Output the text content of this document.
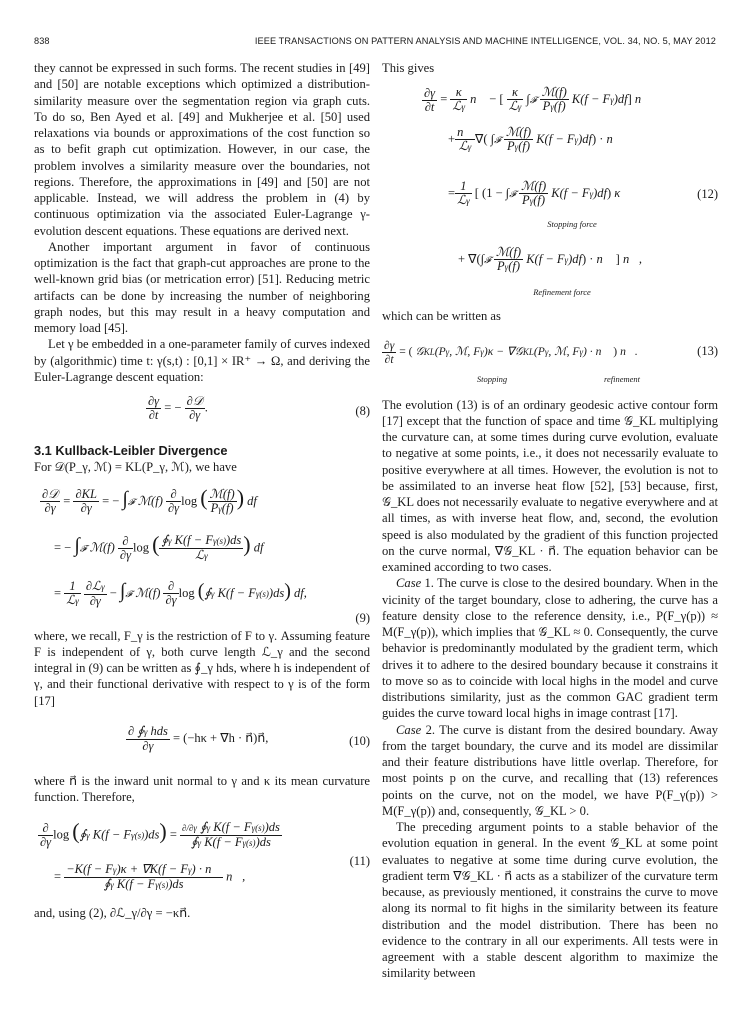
838	IEEE TRANSACTIONS ON PATTERN ANALYSIS AND MACHINE INTELLIGENCE, VOL. 34, NO. 5, MAY 2012

they cannot be expressed in such forms. The recent studies in [49] and [50] are notable exceptions which optimized a distribution-similarity measure over the segmentation region via graph cuts. To do so, Ben Ayed et al. [49] and Mukherjee et al. [50] used relaxations via bounds or approximations of the cost function so as to befit graph cut optimization. However, in our case, the problem involves a similarity measure over the boundaries, not regions. Therefore, the approximations in [49] and [50] are not applicable. Instead, we will address the problem in (4) by continuous optimization via the associated Euler-Lagrange γ-evolution descent equations. These equations are derived next.

Another important argument in favor of continuous optimization is the fact that graph-cut approaches are prone to the well-known grid bias (or metrication error) [51]. Reducing metric artifacts can be done by increasing the number of neighboring graph nodes, but this may result in a heavy computation and memory load [45].

Let γ be embedded in a one-parameter family of curves indexed by (algorithmic) time t: γ(s,t) : [0,1] × IR⁺ → Ω, and deriving the Euler-Lagrange descent equation:

$\frac{\partial\gamma}{\partial t}$ = − $\frac{\text{∂𝒟}}{\partial\gamma}$ .	(8)
3.1 Kullback-Leibler Divergence

For 𝒟(P_γ, ℳ) = KL(P_γ, ℳ), we have

$\frac{\text{∂𝒟}}{\partial\gamma} = \frac{\partial KL}{\partial\gamma}$ = − ∫𝓕 ℳ(f) $\frac{\partial}{\partial\gamma}$ log ( $\frac{\text{ℳ(f)}}{P\gamma(f)}$ ) df
= − ∫𝓕 ℳ(f) $\frac{\partial}{\partial\gamma}$ log ( $\frac{\text{∮γ K(f − Fγ(s))ds}}{\text{ℒγ}}$ ) df
= $\frac{1}{\text{ℒγ}}$
$\frac{\text{∂ℒγ}}{\partial\gamma}$ − ∫𝓕 ℳ(f) $\frac{\partial}{\partial\gamma}$ log (∮γ K(f − Fγ(s))ds) df,
(9)

where, we recall, F_γ is the restriction of F to γ. Assuming feature F is independent of γ, both curve length ℒ_γ and the second integral in (9) can be written as ∮_γ hds, where h is independent of γ, and their functional derivative with respect to γ is of the form [17]

$\frac{\text{∂ ∮γ hds}}{\partial\gamma} = (-h\kappa + \nabla h$ · n⃗)n⃗,	(10)

where n⃗ is the inward unit normal to γ and κ its mean curvature function. Therefore,

$\frac{\partial}{\partial\gamma}$ log (∮γ $K(f - F\gamma(s))ds) = \frac{\text{∂/∂γ ∮γ K(f − Fγ(s))ds}}{\text{∮γ K(f − Fγ(s))ds}}$
= $\frac{-K(f - F\gamma)\kappa + \nabla K(f - F\gamma) \cdot n⃗}{\text{∮γ K(f − Fγ(s))ds}}$ n⃗,
(11)

and, using (2), ∂ℒ_γ/∂γ = −κn⃗.

This gives

$\frac{\partial\gamma}{\partial t} = \frac{\kappa}{\text{ℒγ}}$ n⃗ − [ $\frac{\kappa}{\text{ℒγ}}$ ∫𝓕 $\frac{\text{ℳ(f)}}{P\gamma(f)} K(f - F\gamma)df$] n⃗
+ $\frac{n⃗}{\text{ℒγ}}$ ∇( ∫𝓕 $\frac{\text{ℳ(f)}}{P\gamma(f)} K(f - F\gamma)df$) · n⃗
= $\frac{1}{\text{ℒγ}}$ [ (1 − ∫𝓕 $\frac{\text{ℳ(f)}}{P\gamma(f)} K(f - F\gamma)df$) κ
Stopping force
+ ∇(∫𝓕 $\frac{\text{ℳ(f)}}{P\gamma(f)} K(f - F\gamma)df$) · n⃗ ] n⃗,
Refinement force
(12)

which can be written as

$\frac{\partial\gamma}{\partial t}$ = ( 𝒢KL(Pγ, ℳ, Fγ)κ − ∇𝒢KL(Pγ, ℳ, Fγ) · n⃗ ) n⃗.
Stopping	refinement
(13)

The evolution (13) is of an ordinary geodesic active contour form [17] except that the function of space and time 𝒢_KL multiplying the curvature can, at some times during curve evolution, evaluate to negative at some points, i.e., it does not necessarily evaluate to positive everywhere at all times. However, the evolution is not to be assimilated to an inverse heat flow [52], [53] because, first, 𝒢_KL does not necessarily evaluate to negative everywhere and at all times, as with inverse heat flow, and, second, the evolution speed is also modulated by the gradient of this function projected on the curve normal, ∇𝒢_KL · n⃗. The equation behavior can be examined according to two cases.

Case 1. The curve is close to the desired boundary. When in the vicinity of the target boundary, close to adhering, the curve has a feature density close to the reference density, i.e., P(F_γ(p)) ≈ M(F_γ(p)), which implies that 𝒢_KL ≈ 0. Consequently, the curve behavior is predominantly modulated by the gradient term, which drives it to adhere to the desired boundary because it constrains it to move so as to coincide with local highs in the model and curve distributions similarity, just as the common GAC gradient term guides the curve toward local highs in image contrast [17].

Case 2. The curve is distant from the desired boundary. Away from the target boundary, the curve and its model are dissimilar and their feature distributions have little overlap. Therefore, for most points p on the curve, and recalling that (13) references points on the curve, not on the model, we have P(F_γ(p)) > M(F_γ(p)) and, consequently, 𝒢_KL > 0.

The preceding argument points to a stable behavior of the evolution equation in general. In the event 𝒢_KL at some point evaluates to negative at some time during curve evolution, the gradient term ∇𝒢_KL · n⃗ acts as a stabilizer of the curvature term because, as previously mentioned, it constrains the curve to move along its normal to fit highs in the similarity between its feature distribution and the model distribution. There has been no evidence to the contrary in all our experiments. All tests were in agreement with a stable descent algorithm to maximize the similarity between
